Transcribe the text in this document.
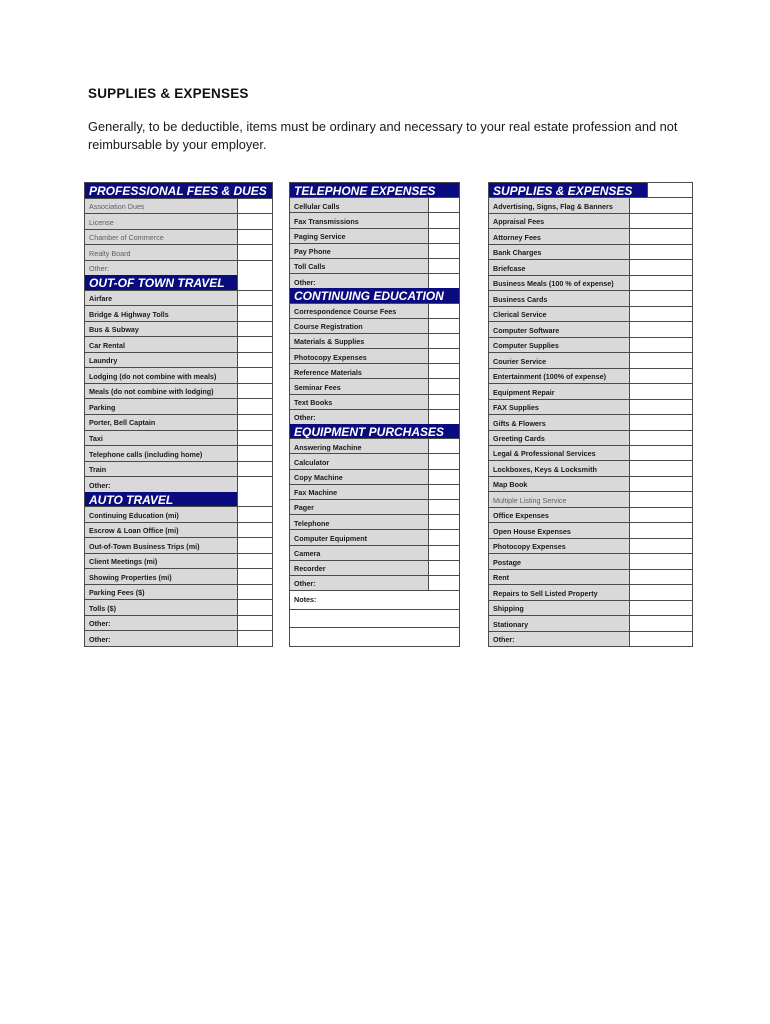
SUPPLIES & EXPENSES

Generally, to be deductible, items must be ordinary and necessary to your real estate profession and not reimbursable by your employer.

PROFESSIONAL FEES & DUES
Association Dues
License
Chamber of Commerce
Realty Board
Other:
OUT-OF TOWN TRAVEL
Airfare
Bridge & Highway Tolls
Bus & Subway
Car Rental
Laundry
Lodging (do not combine with meals)
Meals (do not combine with lodging)
Parking
Porter, Bell Captain
Taxi
Telephone calls (including home)
Train
Other:
AUTO TRAVEL
Continuing Education (mi)
Escrow & Loan Office (mi)
Out-of-Town Business Trips (mi)
Client Meetings (mi)
Showing Properties (mi)
Parking Fees ($)
Tolls ($)
Other:
Other:
TELEPHONE EXPENSES
Cellular Calls
Fax Transmissions
Paging Service
Pay Phone
Toll Calls
Other:
CONTINUING EDUCATION
Correspondence Course Fees
Course Registration
Materials & Supplies
Photocopy Expenses
Reference Materials
Seminar Fees
Text Books
Other:
EQUIPMENT PURCHASES
Answering Machine
Calculator
Copy Machine
Fax Machine
Pager
Telephone
Computer Equipment
Camera
Recorder
Other:
Notes:
SUPPLIES & EXPENSES
Advertising, Signs, Flag & Banners
Appraisal Fees
Attorney Fees
Bank Charges
Briefcase
Business Meals (100 % of expense)
Business Cards
Clerical Service
Computer Software
Computer Supplies
Courier Service
Entertainment (100% of expense)
Equipment Repair
FAX Supplies
Gifts & Flowers
Greeting Cards
Legal & Professional Services
Lockboxes, Keys & Locksmith
Map Book
Multiple Listing Service
Office Expenses
Open House Expenses
Photocopy Expenses
Postage
Rent
Repairs to Sell Listed Property
Shipping
Stationary
Other:
